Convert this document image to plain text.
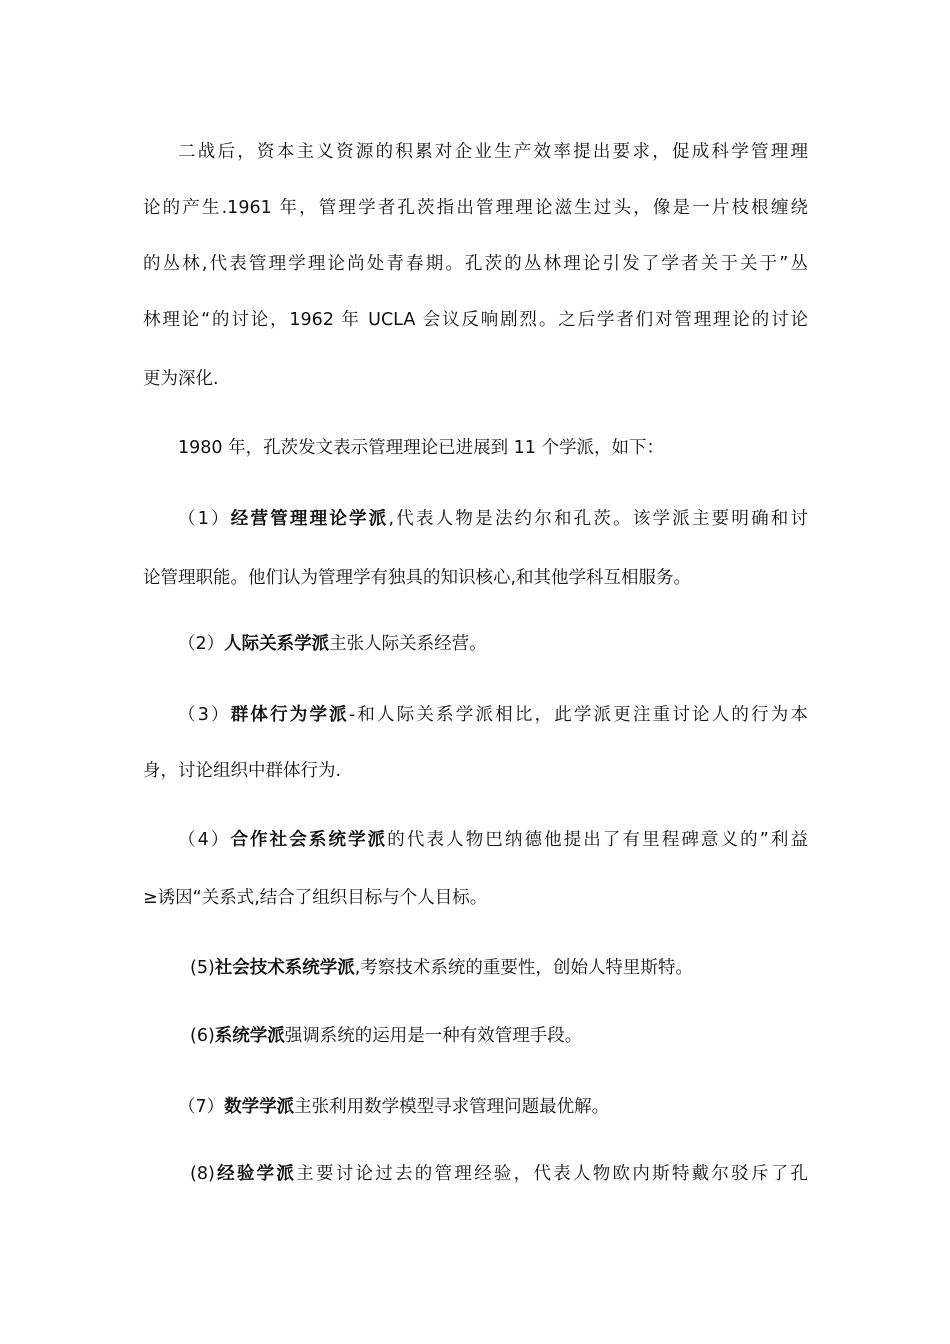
二战后，资本主义资源的积累对企业生产效率提出要求，促成科学管理理
论的产生.1961 年，管理学者孔茨指出管理理论滋生过头，像是一片枝根缠绕
的丛林,代表管理学理论尚处青春期。孔茨的丛林理论引发了学者关于关于”丛
林理论“的讨论，1962 年 UCLA 会议反响剧烈。之后学者们对管理理论的讨论
更为深化.
1980 年，孔茨发文表示管理理论已进展到 11 个学派，如下：
（1）经营管理理论学派,代表人物是法约尔和孔茨。该学派主要明确和讨
论管理职能。他们认为管理学有独具的知识核心,和其他学科互相服务。
（2）人际关系学派主张人际关系经营。
（3）群体行为学派-和人际关系学派相比，此学派更注重讨论人的行为本
身，讨论组织中群体行为.
（4）合作社会系统学派的代表人物巴纳德他提出了有里程碑意义的”利益
≥诱因“关系式,结合了组织目标与个人目标。
(5)社会技术系统学派,考察技术系统的重要性，创始人特里斯特。
(6)系统学派强调系统的运用是一种有效管理手段。
（7）数学学派主张利用数学模型寻求管理问题最优解。
(8)经验学派主要讨论过去的管理经验，代表人物欧内斯特戴尔驳斥了孔
